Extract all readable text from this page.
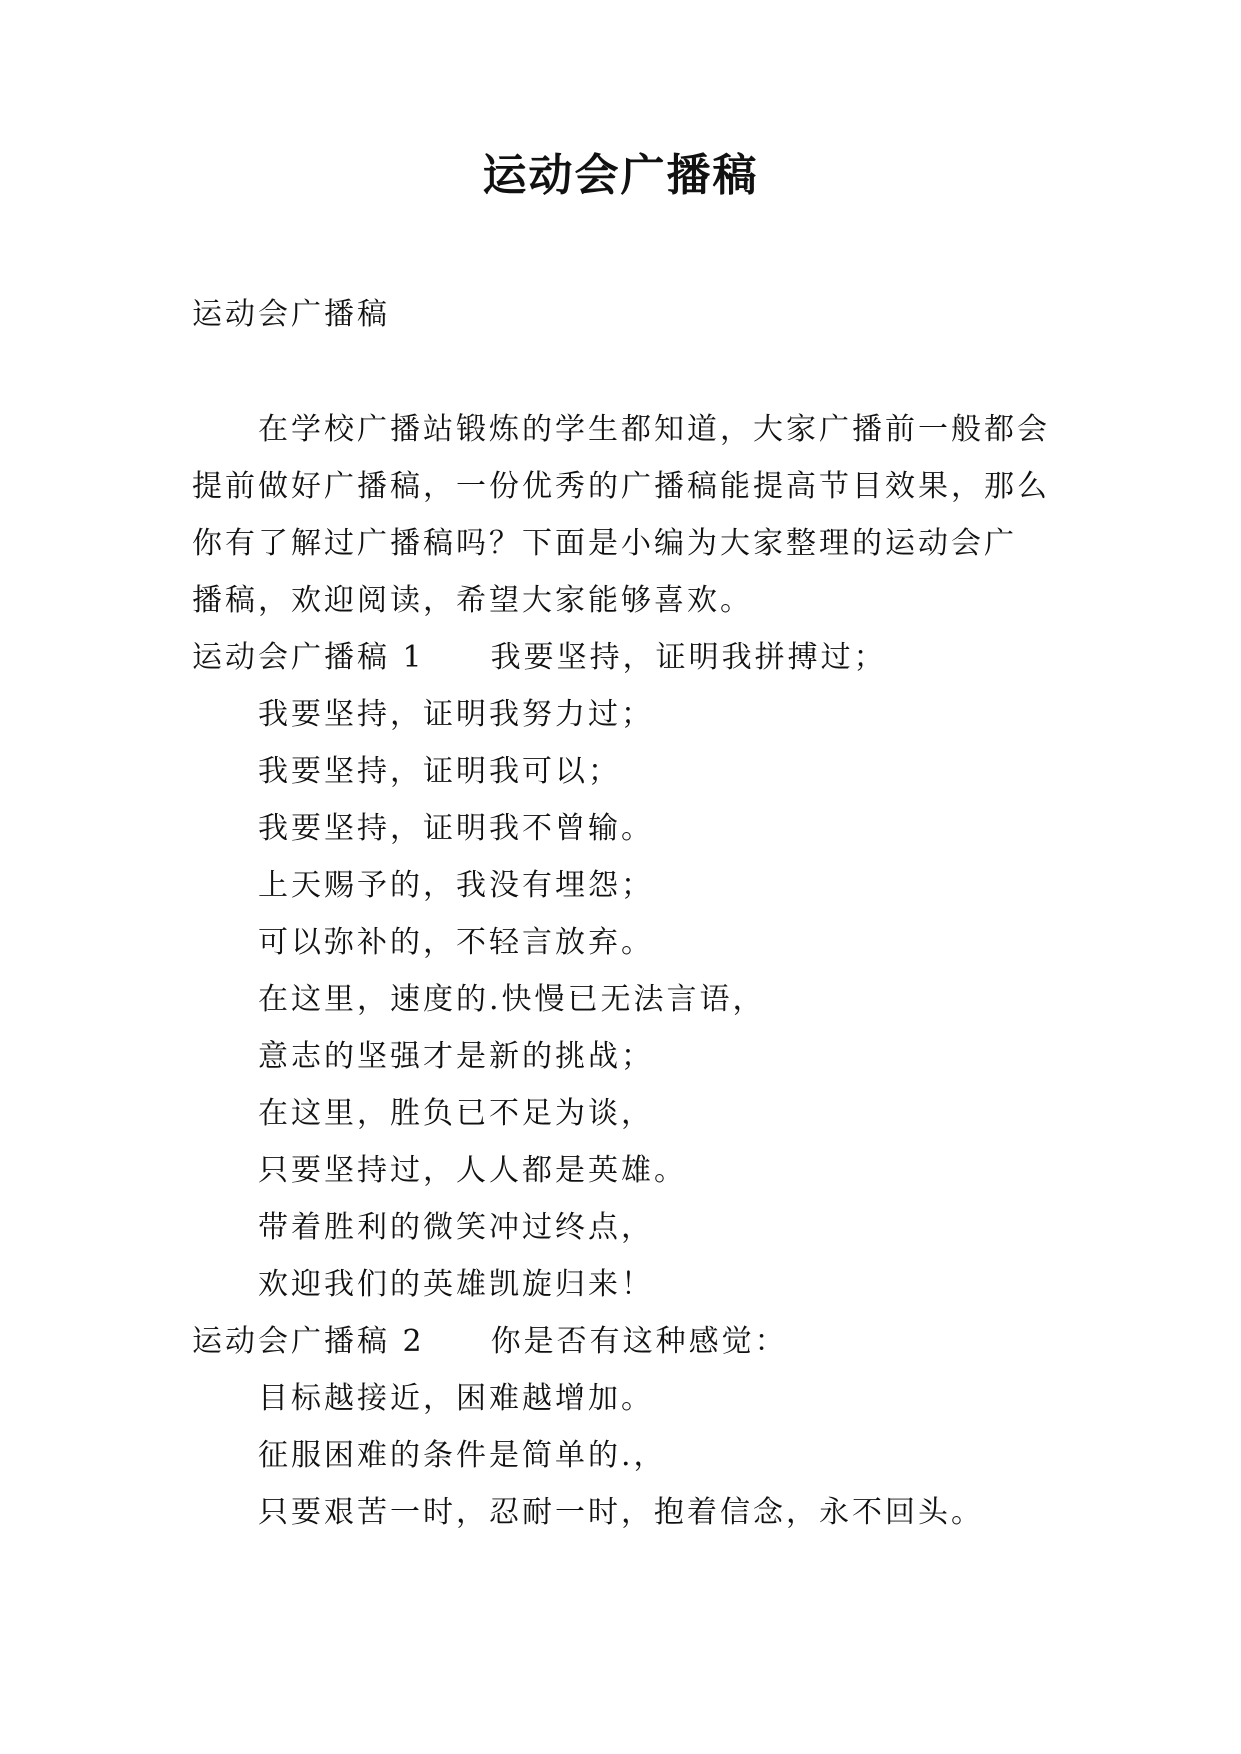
运动会广播稿
运动会广播稿
　　在学校广播站锻炼的学生都知道，大家广播前一般都会
提前做好广播稿，一份优秀的广播稿能提高节目效果，那么
你有了解过广播稿吗？下面是小编为大家整理的运动会广
播稿，欢迎阅读，希望大家能够喜欢。
运动会广播稿 1　　我要坚持，证明我拼搏过；
　　我要坚持，证明我努力过；
　　我要坚持，证明我可以；
　　我要坚持，证明我不曾输。
　　上天赐予的，我没有埋怨；
　　可以弥补的，不轻言放弃。
　　在这里，速度的.快慢已无法言语，
　　意志的坚强才是新的挑战；
　　在这里，胜负已不足为谈，
　　只要坚持过，人人都是英雄。
　　带着胜利的微笑冲过终点，
　　欢迎我们的英雄凯旋归来！
运动会广播稿 2　　你是否有这种感觉：
　　目标越接近，困难越增加。
　　征服困难的条件是简单的.，
　　只要艰苦一时，忍耐一时，抱着信念，永不回头。
